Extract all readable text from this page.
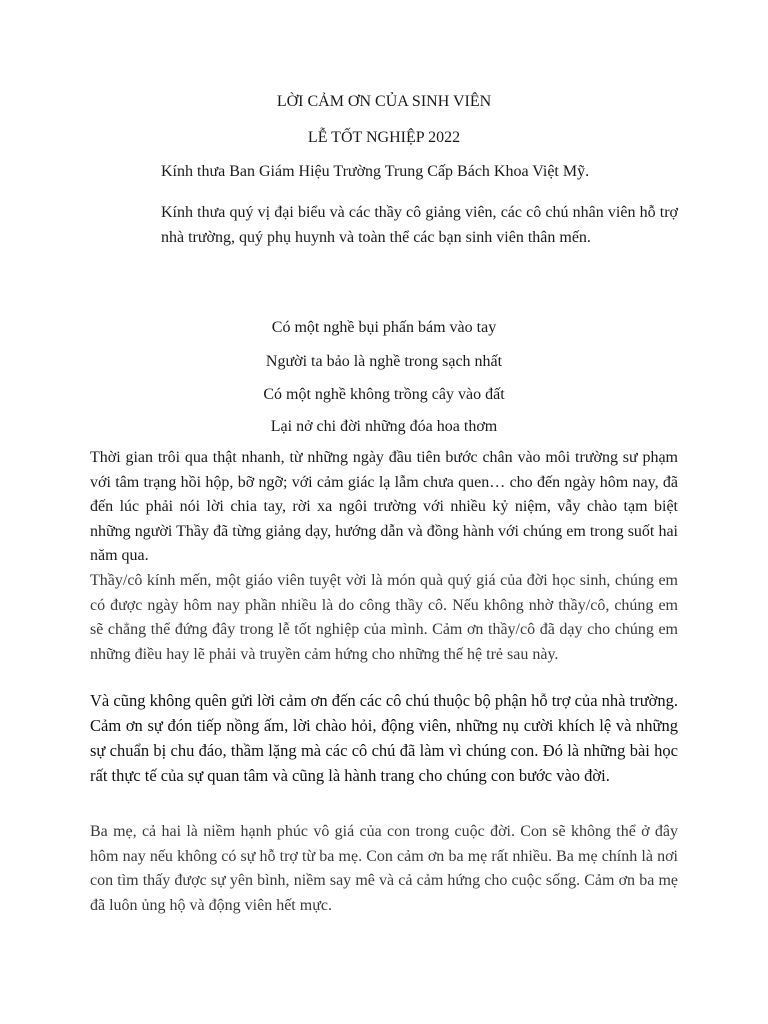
LỜI CẢM ƠN CỦA SINH VIÊN
LỄ TỐT NGHIỆP 2022
Kính thưa Ban Giám Hiệu Trường Trung Cấp Bách Khoa Việt Mỹ.
Kính thưa quý vị đại biểu và các thầy cô giảng viên, các cô chú nhân viên hỗ trợ nhà trường, quý phụ huynh và toàn thể các bạn sinh viên thân mến.
Có một nghề bụi phấn bám vào tay
Người ta bảo là nghề trong sạch nhất
Có một nghề không trồng cây vào đất
Lại nở chi đời những đóa hoa thơm
Thời gian trôi qua thật nhanh, từ những ngày đầu tiên bước chân vào môi trường sư phạm với tâm trạng hồi hộp, bỡ ngỡ; với cảm giác lạ lẫm chưa quen… cho đến ngày hôm nay, đã đến lúc phải nói lời chia tay, rời xa ngôi trường với nhiều kỷ niệm, vẫy chào tạm biệt những người Thầy đã từng giảng dạy, hướng dẫn và đồng hành với chúng em trong suốt hai năm qua.
Thầy/cô kính mến, một giáo viên tuyệt vời là món quà quý giá của đời học sinh, chúng em có được ngày hôm nay phần nhiều là do công thầy cô. Nếu không nhờ thầy/cô, chúng em sẽ chẳng thể đứng đây trong lễ tốt nghiệp của mình. Cảm ơn thầy/cô đã dạy cho chúng em những điều hay lẽ phải và truyền cảm hứng cho những thế hệ trẻ sau này.
Và cũng không quên gửi lời cảm ơn đến các cô chú thuộc bộ phận hỗ trợ của nhà trường. Cảm ơn sự đón tiếp nồng ấm, lời chào hỏi, động viên, những nụ cười khích lệ và những sự chuẩn bị chu đáo, thầm lặng mà các cô chú đã làm vì chúng con. Đó là những bài học rất thực tế của sự quan tâm và cũng là hành trang cho chúng con bước vào đời.
Ba mẹ, cả hai là niềm hạnh phúc vô giá của con trong cuộc đời. Con sẽ không thể ở đây hôm nay nếu không có sự hỗ trợ từ ba mẹ. Con cảm ơn ba mẹ rất nhiều. Ba mẹ chính là nơi con tìm thấy được sự yên bình, niềm say mê và cả cảm hứng cho cuộc sống. Cảm ơn ba mẹ đã luôn ủng hộ và động viên hết mực.
